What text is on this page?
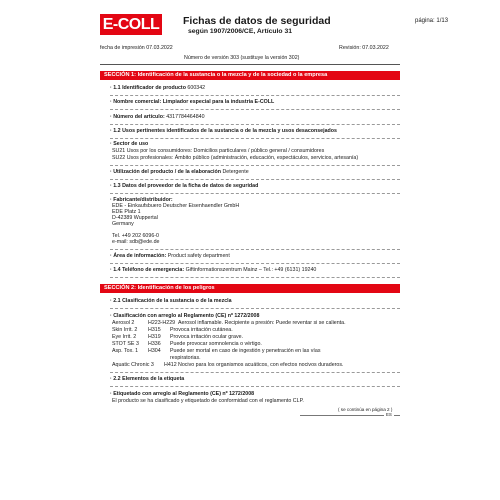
E-COLL Fichas de datos de seguridad
según 1907/2006/CE, Artículo 31
página: 1/13
fecha de impresión 07.03.2022	Revisión: 07.03.2022
Número de versión 303 (sustituye la versión 302)
SECCIÓN 1: Identificación de la sustancia o la mezcla y de la sociedad o la empresa
· 1.1 Identificador de producto 600342
· Nombre comercial: Limpiador especial para la industria E-COLL
· Número del artículo: 4317784464840
· 1.2 Usos pertinentes identificados de la sustancia o de la mezcla y usos desaconsejados
· Sector de uso
SU21 Usos por los consumidores: Domicilios particulares / público general / consumidores
SU22 Usos profesionales: Ámbito público (administración, educación, espectáculos, servicios, artesanía)
· Utilización del producto / de la elaboración Detergente
· 1.3 Datos del proveedor de la ficha de datos de seguridad
· Fabricante/distribuidor:
EDE - Einkaufsbuero Deutscher Eisenhaendler GmbH
EDE Platz 1
D-42389 Wuppertal
Germany
Tel. +49 202 6096-0
e-mail: sdb@ede.de
· Área de información: Product safety department
· 1.4 Teléfono de emergencia: Giftinformationszentrum Mainz – Tel.: +49 (6131) 19240
SECCIÓN 2: Identificación de los peligros
· 2.1 Clasificación de la sustancia o de la mezcla
· Clasificación con arreglo al Reglamento (CE) nº 1272/2008
Aerosol 2	H223-H229 Aerosol inflamable. Recipiente a presión: Puede reventar si se calienta.
Skin Irrit. 2 H315 Provoca irritación cutánea.
Eye Irrit. 2 H319 Provoca irritación ocular grave.
STOT SE 3 H336 Puede provocar somnolencia o vértigo.
Asp. Tox. 1 H304 Puede ser mortal en caso de ingestión y penetración en las vías
respiratorias.
Aquatic Chronic 3 H412 Nocivo para los organismos acuáticos, con efectos nocivos duraderos.
· 2.2 Elementos de la etiqueta
· Etiquetado con arreglo al Reglamento (CE) nº 1272/2008
El producto se ha clasificado y etiquetado de conformidad con el reglamento CLP.
( se continúa en página 2 )
ES
